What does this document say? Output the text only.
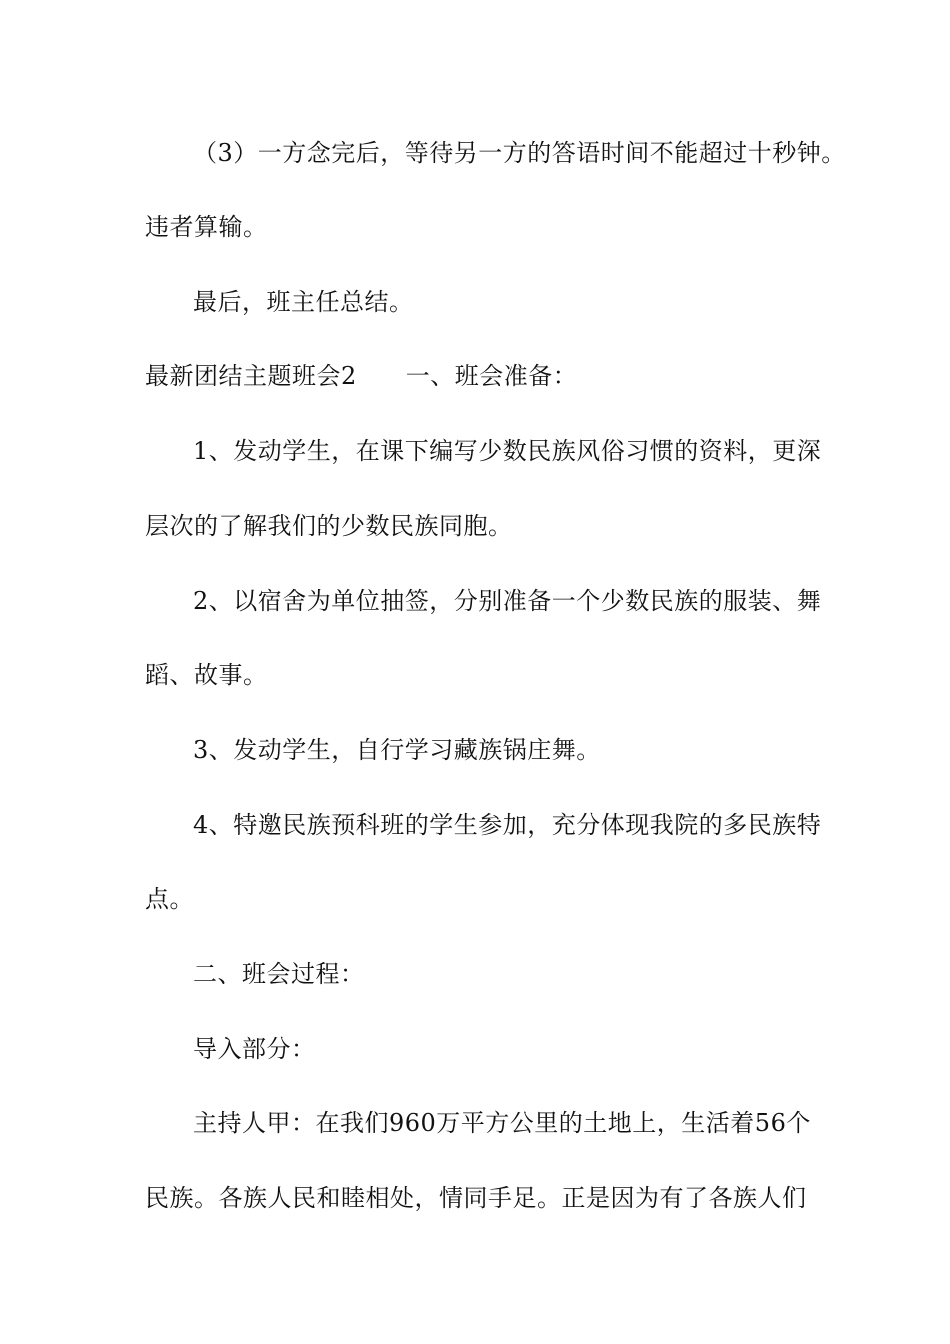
（3）一方念完后，等待另一方的答语时间不能超过十秒钟。
违者算输。
最后，班主任总结。
最新团结主题班会2　　一、班会准备：
1、发动学生，在课下编写少数民族风俗习惯的资料，更深
层次的了解我们的少数民族同胞。
2、以宿舍为单位抽签，分别准备一个少数民族的服装、舞
蹈、故事。
3、发动学生，自行学习藏族锅庄舞。
4、特邀民族预科班的学生参加，充分体现我院的多民族特
点。
二、班会过程：
导入部分：
主持人甲：在我们960万平方公里的土地上，生活着56个
民族。各族人民和睦相处，情同手足。正是因为有了各族人们
